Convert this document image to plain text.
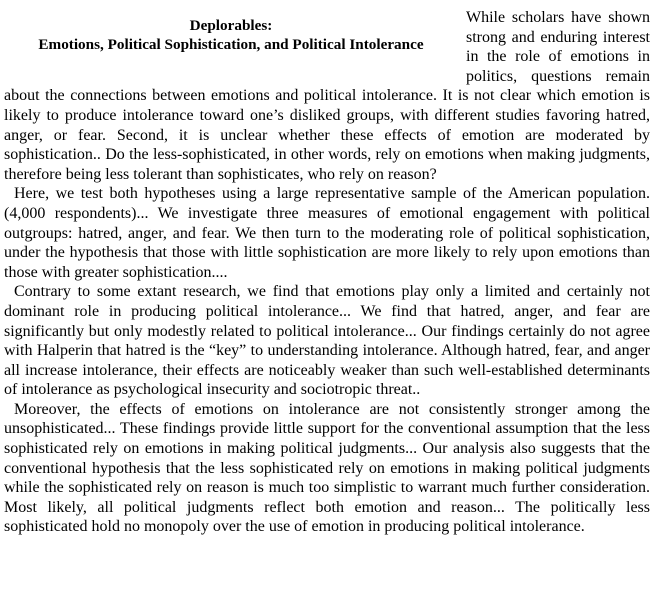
Deplorables:
Emotions, Political Sophistication, and Political Intolerance

While scholars have shown strong and enduring interest in the role of emotions in politics, questions remain about the connections between emotions and political intolerance. It is not clear which emotion is likely to produce intolerance toward one’s disliked groups, with different studies favoring hatred, anger, or fear. Second, it is unclear whether these effects of emotion are moderated by sophistication.. Do the less-sophisticated, in other words, rely on emotions when making judgments, therefore being less tolerant than sophisticates, who rely on reason?

Here, we test both hypotheses using a large representative sample of the American population. (4,000 respondents)... We investigate three measures of emotional engagement with political outgroups: hatred, anger, and fear. We then turn to the moderating role of political sophistication, under the hypothesis that those with little sophistication are more likely to rely upon emotions than those with greater sophistication....

Contrary to some extant research, we find that emotions play only a limited and certainly not dominant role in producing political intolerance... We find that hatred, anger, and fear are significantly but only modestly related to political intolerance... Our findings certainly do not agree with Halperin that hatred is the “key” to understanding intolerance. Although hatred, fear, and anger all increase intolerance, their effects are noticeably weaker than such well-established determinants of intolerance as psychological insecurity and sociotropic threat..

Moreover, the effects of emotions on intolerance are not consistently stronger among the unsophisticated... These findings provide little support for the conventional assumption that the less sophisticated rely on emotions in making political judgments... Our analysis also suggests that the conventional hypothesis that the less sophisticated rely on emotions in making political judgments while the sophisticated rely on reason is much too simplistic to warrant much further consideration. Most likely, all political judgments reflect both emotion and reason... The politically less sophisticated hold no monopoly over the use of emotion in producing political intolerance.
